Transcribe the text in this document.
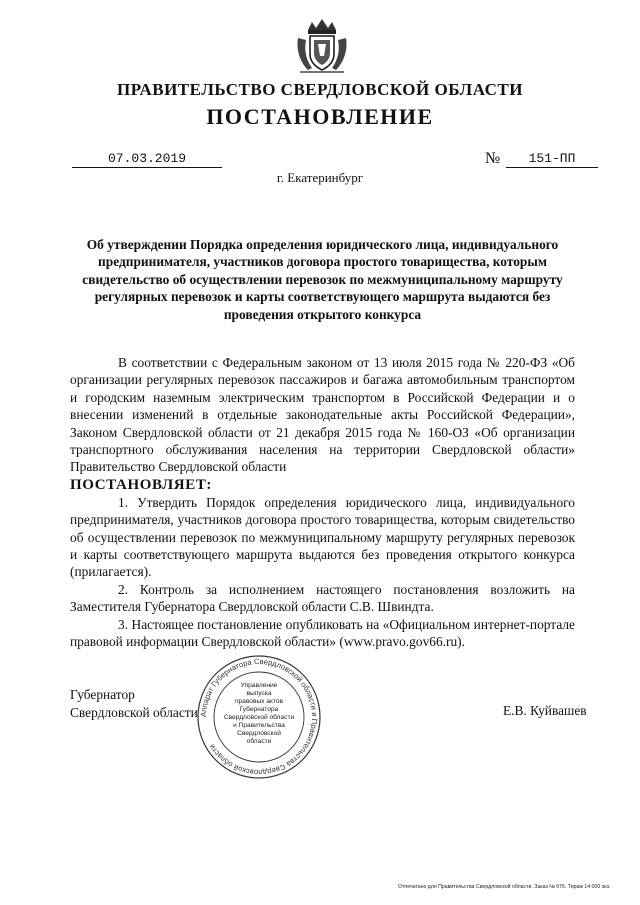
ПРАВИТЕЛЬСТВО СВЕРДЛОВСКОЙ ОБЛАСТИ
ПОСТАНОВЛЕНИЕ
07.03.2019	№	151-ПП
г. Екатеринбург
Об утверждении Порядка определения юридического лица, индивидуального предпринимателя, участников договора простого товарищества, которым свидетельство об осуществлении перевозок по межмуниципальному маршруту регулярных перевозок и карты соответствующего маршрута выдаются без проведения открытого конкурса

В соответствии с Федеральным законом от 13 июля 2015 года № 220-ФЗ «Об организации регулярных перевозок пассажиров и багажа автомобильным транспортом и городским наземным электрическим транспортом в Российской Федерации и о внесении изменений в отдельные законодательные акты Российской Федерации», Законом Свердловской области от 21 декабря 2015 года № 160-ОЗ «Об организации транспортного обслуживания населения на территории Свердловской области» Правительство Свердловской области

ПОСТАНОВЛЯЕТ:

1. Утвердить Порядок определения юридического лица, индивидуального предпринимателя, участников договора простого товарищества, которым свидетельство об осуществлении перевозок по межмуниципальному маршруту регулярных перевозок и карты соответствующего маршрута выдаются без проведения открытого конкурса (прилагается).

2. Контроль за исполнением настоящего постановления возложить на Заместителя Губернатора Свердловской области С.В. Швиндта.

3. Настоящее постановление опубликовать на «Официальном интернет-портале правовой информации Свердловской области» (www.pravo.gov66.ru).

Губернатор
Свердловской области	Е.В. Куйвашев
Аппарат Губернатора Свердловской области и Правительства Свердловской области
Управление
выпуска
правовых актов
Губернатора
Свердловской области
и Правительства
Свердловской
области
Отпечатано для Правительства Свердловской области. Заказ № 676. Тираж 14 000 экз.
